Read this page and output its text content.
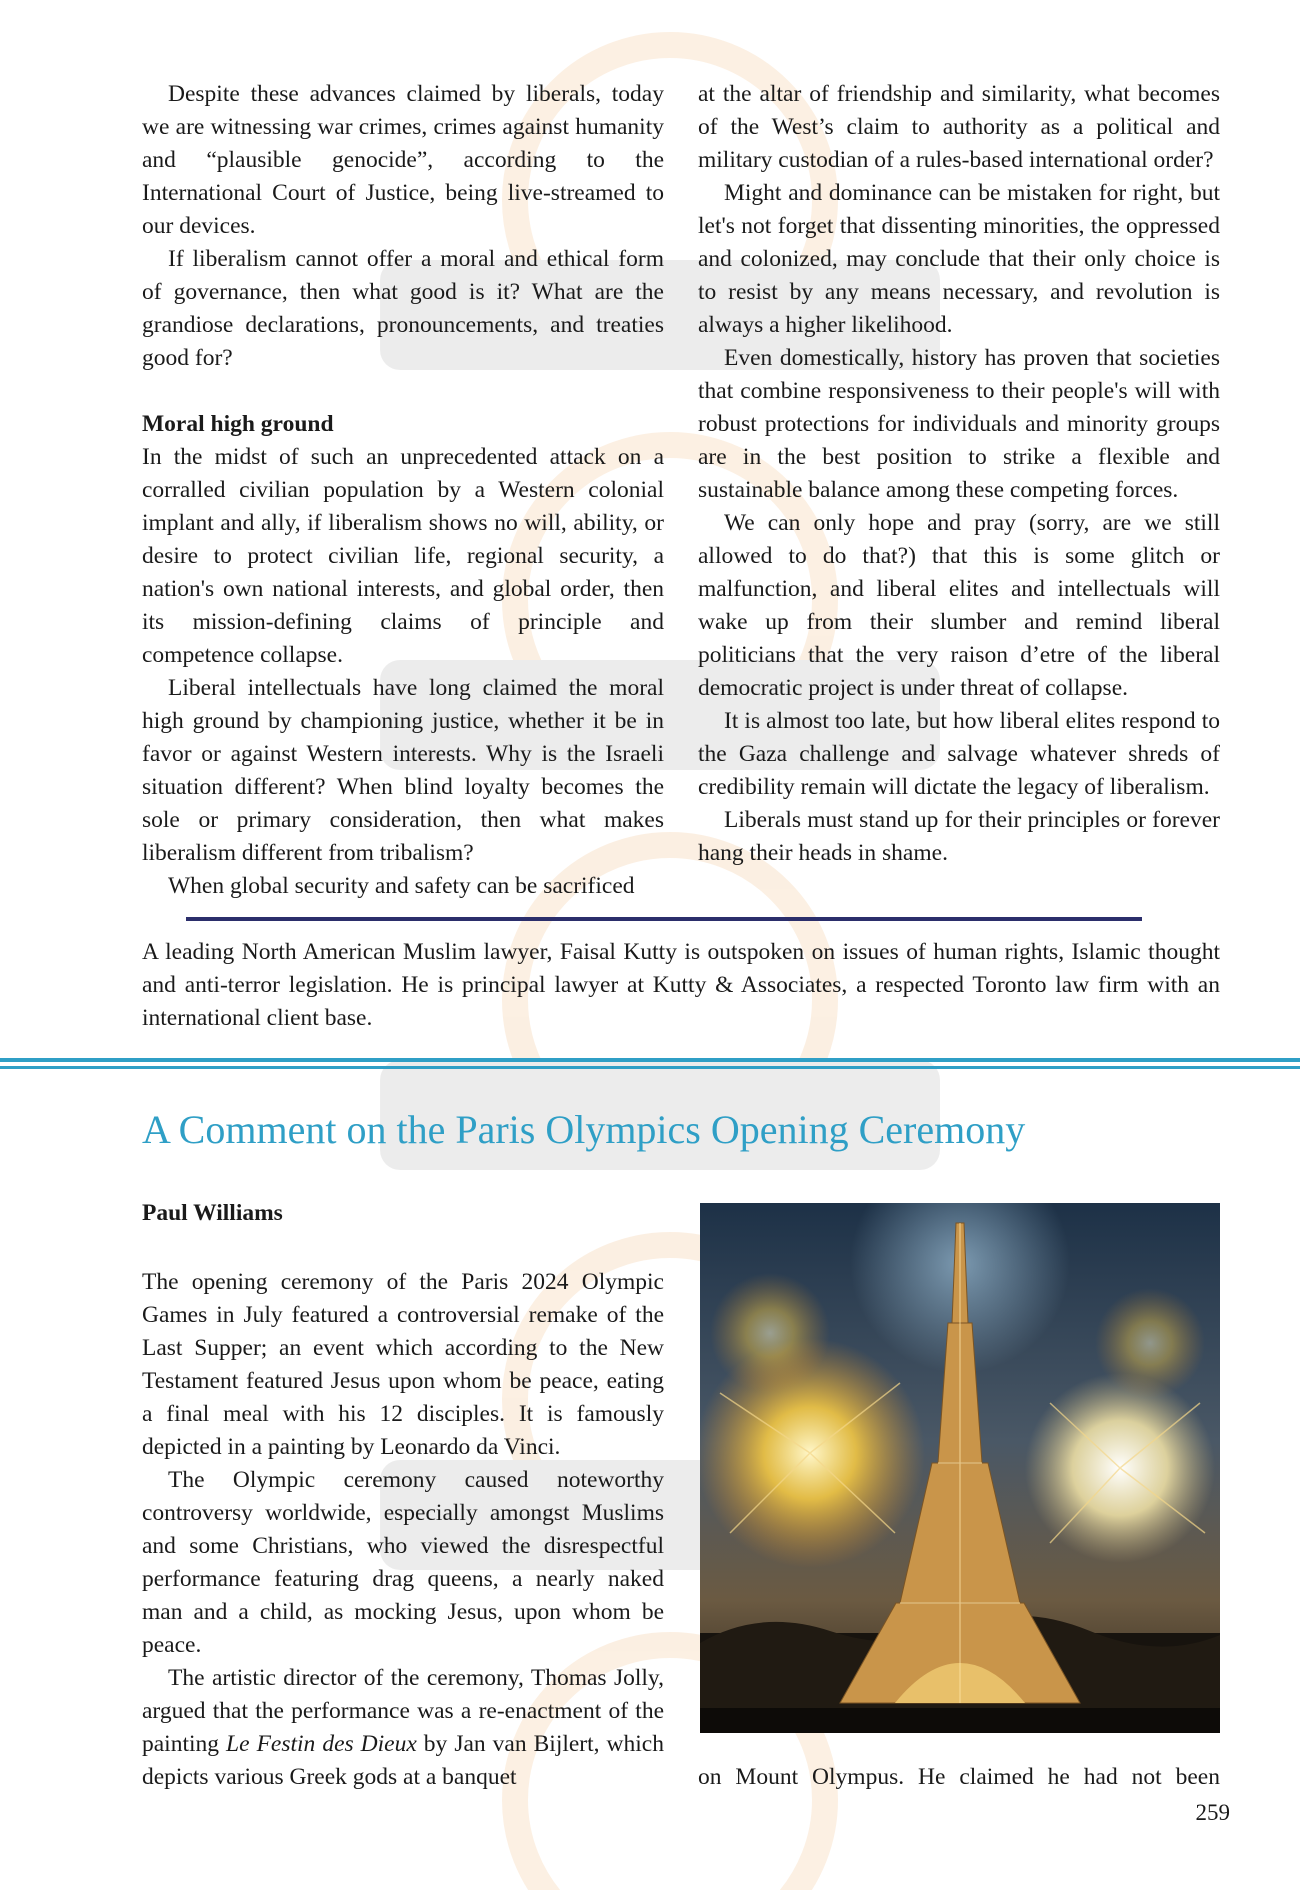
Despite these advances claimed by liberals, today we are witnessing war crimes, crimes against humanity and “plausible genocide”, according to the International Court of Justice, being live-streamed to our devices.

If liberalism cannot offer a moral and ethical form of governance, then what good is it? What are the grandiose declarations, pronouncements, and treaties good for?

Moral high ground

In the midst of such an unprecedented attack on a corralled civilian population by a Western colonial implant and ally, if liberalism shows no will, ability, or desire to protect civilian life, regional security, a nation's own national interests, and global order, then its mission-defining claims of principle and competence collapse.

Liberal intellectuals have long claimed the moral high ground by championing justice, whether it be in favor or against Western interests. Why is the Israeli situation different? When blind loyalty becomes the sole or primary consideration, then what makes liberalism different from tribalism?

When global security and safety can be sacrificed

at the altar of friendship and similarity, what becomes of the West’s claim to authority as a political and military custodian of a rules-based international order?

Might and dominance can be mistaken for right, but let's not forget that dissenting minorities, the oppressed and colonized, may conclude that their only choice is to resist by any means necessary, and revolution is always a higher likelihood.

Even domestically, history has proven that societies that combine responsiveness to their people's will with robust protections for individuals and minority groups are in the best position to strike a flexible and sustainable balance among these competing forces.

We can only hope and pray (sorry, are we still allowed to do that?) that this is some glitch or malfunction, and liberal elites and intellectuals will wake up from their slumber and remind liberal politicians that the very raison d’etre of the liberal democratic project is under threat of collapse.

It is almost too late, but how liberal elites respond to the Gaza challenge and salvage whatever shreds of credibility remain will dictate the legacy of liberalism.

Liberals must stand up for their principles or forever hang their heads in shame.

A leading North American Muslim lawyer, Faisal Kutty is outspoken on issues of human rights, Islamic thought and anti-terror legislation. He is principal lawyer at Kutty & Associates, a respected Toronto law firm with an international client base.
A Comment on the Paris Olympics Opening Ceremony
Paul Williams

The opening ceremony of the Paris 2024 Olympic Games in July featured a controversial remake of the Last Supper; an event which according to the New Testament featured Jesus upon whom be peace, eating a final meal with his 12 disciples. It is famously depicted in a painting by Leonardo da Vinci.

The Olympic ceremony caused noteworthy controversy worldwide, especially amongst Muslims and some Christians, who viewed the disrespectful performance featuring drag queens, a nearly naked man and a child, as mocking Jesus, upon whom be peace.

The artistic director of the ceremony, Thomas Jolly, argued that the performance was a re-enactment of the painting Le Festin des Dieux by Jan van Bijlert, which depicts various Greek gods at a banquet	on Mount Olympus. He claimed he had not been
259
